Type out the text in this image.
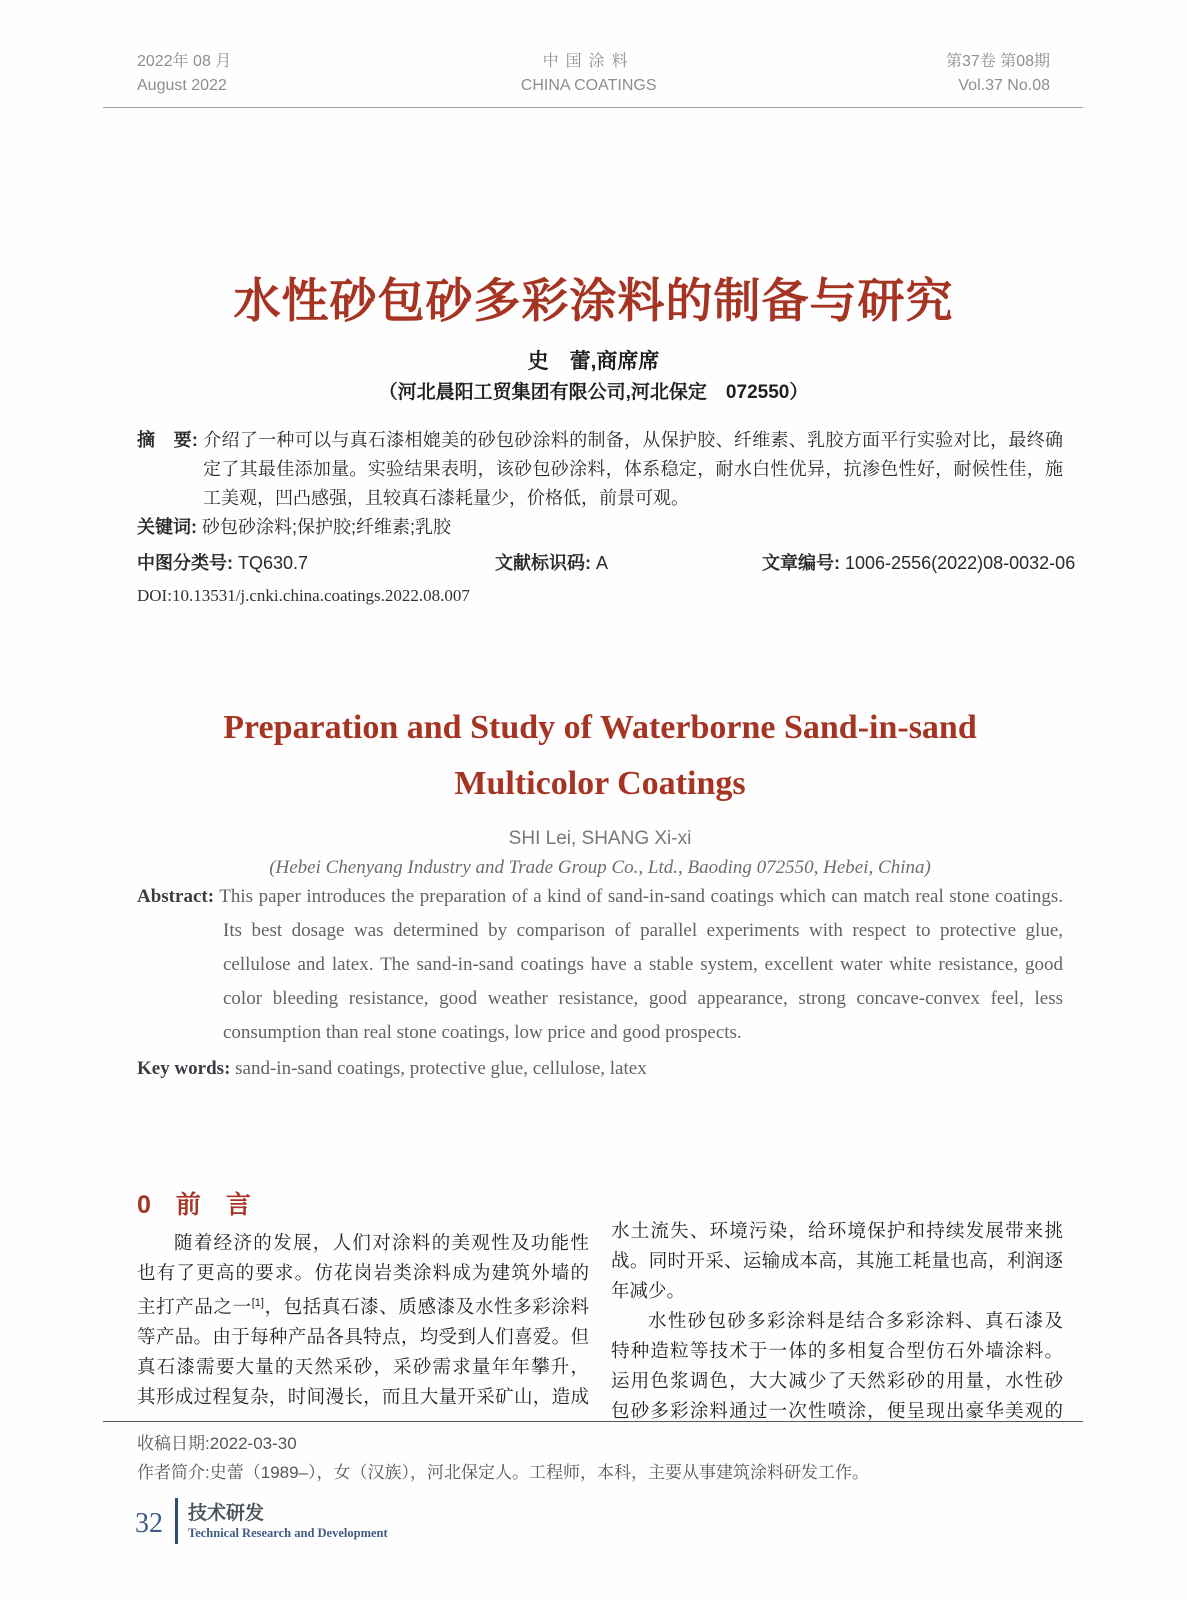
2022年 08 月
August 2022
中国涂料
CHINA COATINGS
第37卷 第08期
Vol.37 No.08
水性砂包砂多彩涂料的制备与研究
史　蕾,商席席
（河北晨阳工贸集团有限公司,河北保定　072550）
摘　要: 介绍了一种可以与真石漆相媲美的砂包砂涂料的制备，从保护胶、纤维素、乳胶方面平行实验对比，最终确定了其最佳添加量。实验结果表明，该砂包砂涂料，体系稳定，耐水白性优异，抗渗色性好，耐候性佳，施工美观，凹凸感强，且较真石漆耗量少，价格低，前景可观。
关键词: 砂包砂涂料;保护胶;纤维素;乳胶
中图分类号: TQ630.7	文献标识码: A	文章编号: 1006-2556(2022)08-0032-06
DOI:10.13531/j.cnki.china.coatings.2022.08.007
Preparation and Study of Waterborne Sand-in-sand
Multicolor Coatings
SHI Lei, SHANG Xi-xi
(Hebei Chenyang Industry and Trade Group Co., Ltd., Baoding 072550, Hebei, China)
Abstract: This paper introduces the preparation of a kind of sand-in-sand coatings which can match real stone coatings. Its best dosage was determined by comparison of parallel experiments with respect to protective glue, cellulose and latex. The sand-in-sand coatings have a stable system, excellent water white resistance, good color bleeding resistance, good weather resistance, good appearance, strong concave-convex feel, less consumption than real stone coatings, low price and good prospects.
Key words: sand-in-sand coatings, protective glue, cellulose, latex
0　前　言
随着经济的发展，人们对涂料的美观性及功能性
也有了更高的要求。仿花岗岩类涂料成为建筑外墙的
主打产品之一[1]，包括真石漆、质感漆及水性多彩涂料
等产品。由于每种产品各具特点，均受到人们喜爱。但
真石漆需要大量的天然采砂，采砂需求量年年攀升，
其形成过程复杂，时间漫长，而且大量开采矿山，造成
水土流失、环境污染，给环境保护和持续发展带来挑
战。同时开采、运输成本高，其施工耗量也高，利润逐
年减少。
水性砂包砂多彩涂料是结合多彩涂料、真石漆及
特种造粒等技术于一体的多相复合型仿石外墙涂料。
运用色浆调色，大大减少了天然彩砂的用量，水性砂
包砂多彩涂料通过一次性喷涂，便呈现出豪华美观的
收稿日期:2022-03-30
作者简介:史蕾（1989–），女（汉族），河北保定人。工程师，本科，主要从事建筑涂料研发工作。
32 技术研发
Technical Research and Development
